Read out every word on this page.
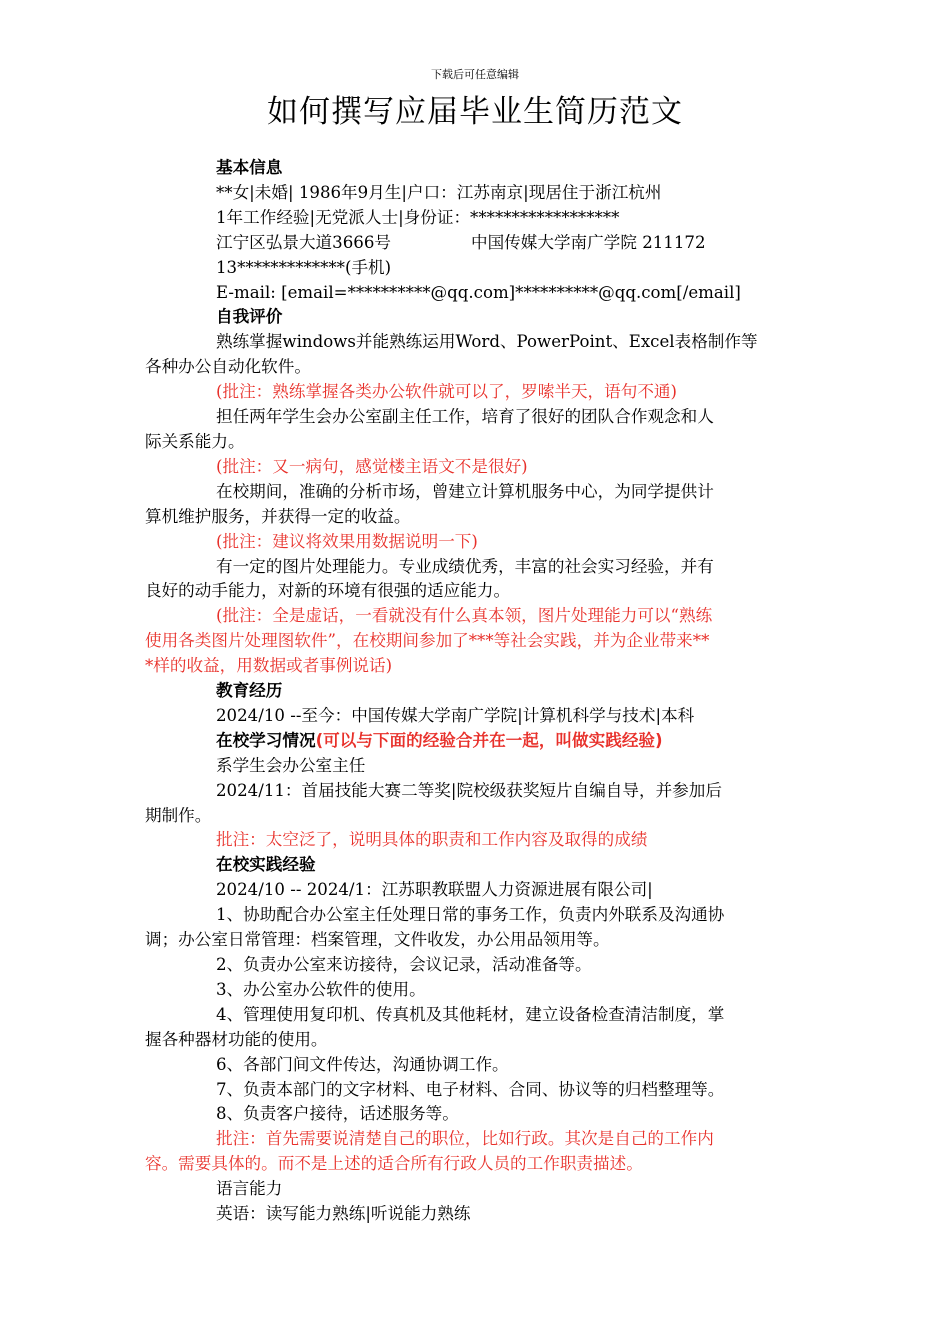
下载后可任意编辑
如何撰写应届毕业生简历范文

基本信息

**女|未婚| 1986年9月生|户口：江苏南京|现居住于浙江杭州

1年工作经验|无党派人士|身份证：******************

江宁区弘景大道3666号	中国传媒大学南广学院 211172

13*************(手机)

E-mail: [email=**********@qq.com]**********@qq.com[/email]

自我评价

熟练掌握windows并能熟练运用Word、PowerPoint、Excel表格制作等

各种办公自动化软件。

(批注：熟练掌握各类办公软件就可以了，罗嗦半天，语句不通)

担任两年学生会办公室副主任工作，培育了很好的团队合作观念和人

际关系能力。

(批注：又一病句，感觉楼主语文不是很好)

在校期间，准确的分析市场，曾建立计算机服务中心，为同学提供计

算机维护服务，并获得一定的收益。

(批注：建议将效果用数据说明一下)

有一定的图片处理能力。专业成绩优秀，丰富的社会实习经验，并有

良好的动手能力，对新的环境有很强的适应能力。

(批注：全是虚话，一看就没有什么真本领，图片处理能力可以“熟练

使用各类图片处理图软件”，在校期间参加了***等社会实践，并为企业带来**

*样的收益，用数据或者事例说话)

教育经历

2024/10 --至今：中国传媒大学南广学院|计算机科学与技术|本科

在校学习情况(可以与下面的经验合并在一起，叫做实践经验)

系学生会办公室主任

2024/11：首届技能大赛二等奖|院校级获奖短片自编自导，并参加后

期制作。

批注：太空泛了，说明具体的职责和工作内容及取得的成绩

在校实践经验

2024/10 -- 2024/1：江苏职教联盟人力资源进展有限公司|

1、协助配合办公室主任处理日常的事务工作，负责内外联系及沟通协

调；办公室日常管理：档案管理，文件收发，办公用品领用等。

2、负责办公室来访接待，会议记录，活动准备等。

3、办公室办公软件的使用。

4、管理使用复印机、传真机及其他耗材，建立设备检查清洁制度，掌

握各种器材功能的使用。

6、各部门间文件传达，沟通协调工作。

7、负责本部门的文字材料、电子材料、合同、协议等的归档整理等。

8、负责客户接待，话述服务等。

批注：首先需要说清楚自己的职位，比如行政。其次是自己的工作内

容。需要具体的。而不是上述的适合所有行政人员的工作职责描述。

语言能力

英语：读写能力熟练|听说能力熟练
